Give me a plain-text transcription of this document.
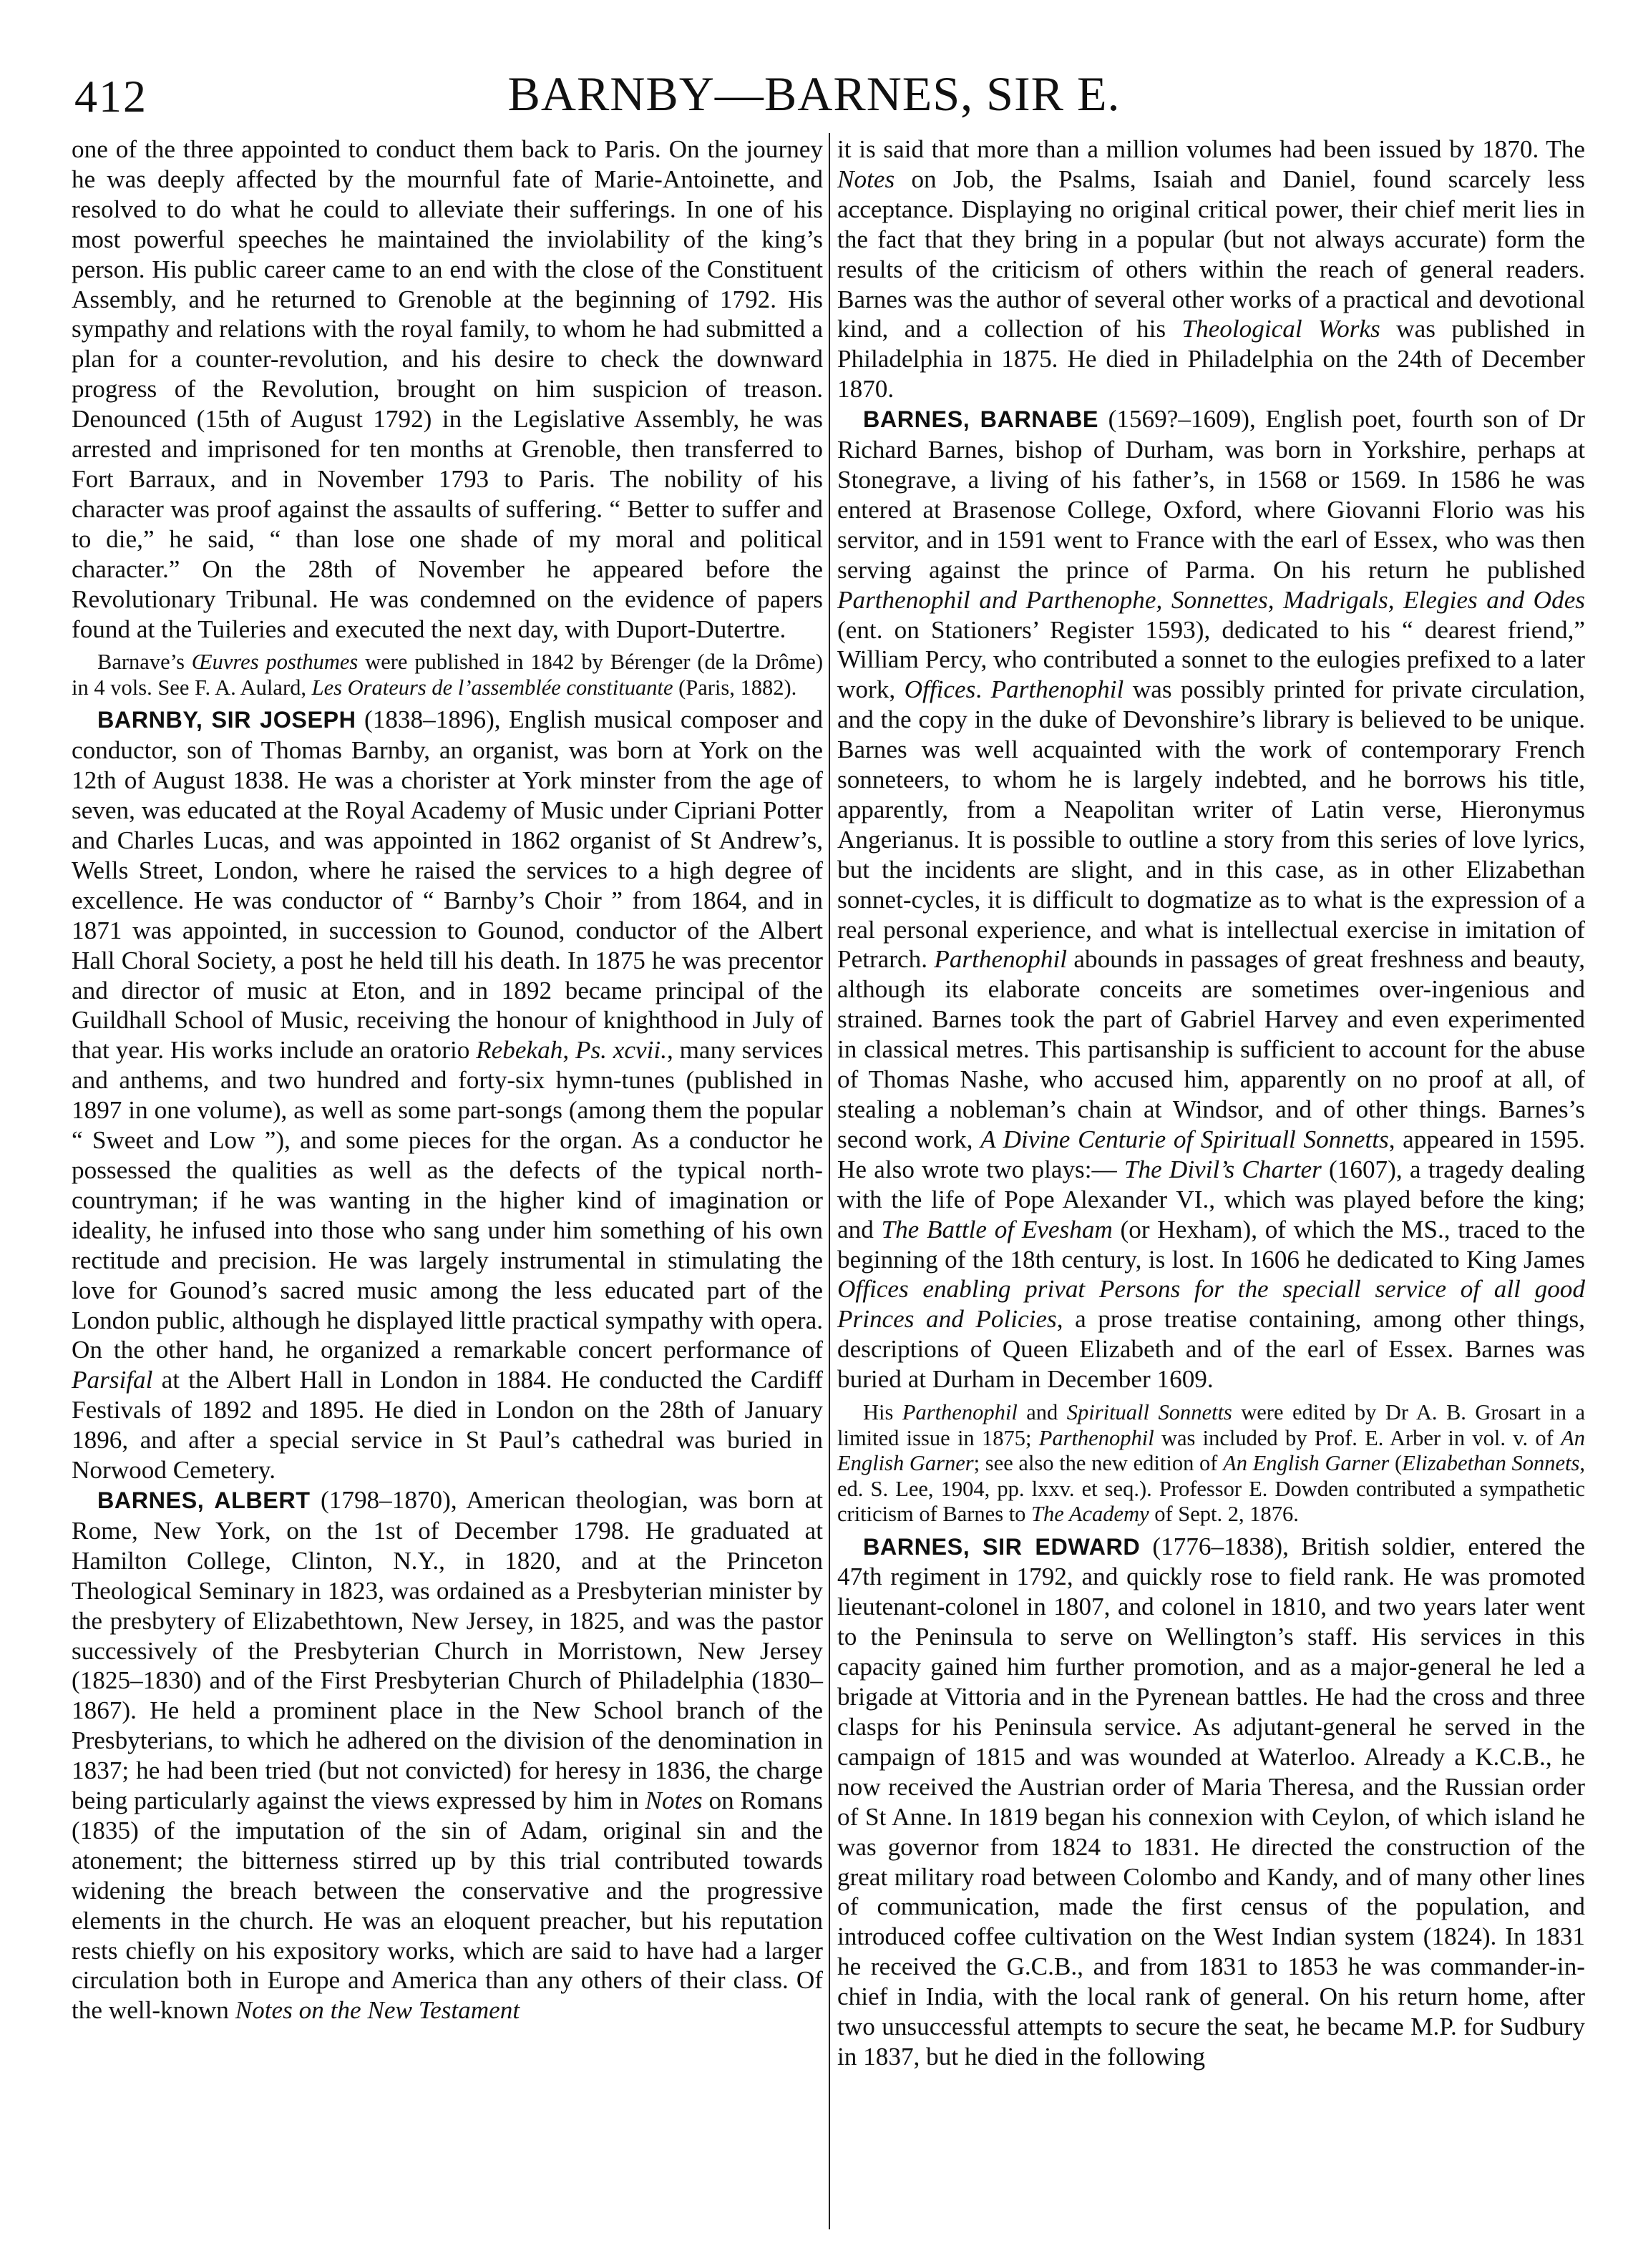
412	BARNBY—BARNES, SIR E.

one of the three appointed to conduct them back to Paris. On the journey he was deeply affected by the mournful fate of Marie-Antoinette, and resolved to do what he could to alleviate their sufferings. In one of his most powerful speeches he maintained the inviolability of the king’s person. His public career came to an end with the close of the Constituent Assembly, and he returned to Grenoble at the beginning of 1792. His sympathy and relations with the royal family, to whom he had submitted a plan for a counter-revolution, and his desire to check the downward progress of the Revolution, brought on him suspicion of treason. Denounced (15th of August 1792) in the Legislative Assembly, he was arrested and imprisoned for ten months at Grenoble, then transferred to Fort Barraux, and in November 1793 to Paris. The nobility of his character was proof against the assaults of suffering. “ Better to suffer and to die,” he said, “ than lose one shade of my moral and political character.” On the 28th of November he appeared before the Revolutionary Tribunal. He was condemned on the evidence of papers found at the Tuileries and executed the next day, with Duport-Dutertre.

Barnave’s Œuvres posthumes were published in 1842 by Bérenger (de la Drôme) in 4 vols. See F. A. Aulard, Les Orateurs de l’assemblée constituante (Paris, 1882).

BARNBY, SIR JOSEPH (1838–1896), English musical composer and conductor, son of Thomas Barnby, an organist, was born at York on the 12th of August 1838. He was a chorister at York minster from the age of seven, was educated at the Royal Academy of Music under Cipriani Potter and Charles Lucas, and was appointed in 1862 organist of St Andrew’s, Wells Street, London, where he raised the services to a high degree of excellence. He was conductor of “ Barnby’s Choir ” from 1864, and in 1871 was appointed, in succession to Gounod, conductor of the Albert Hall Choral Society, a post he held till his death. In 1875 he was precentor and director of music at Eton, and in 1892 became principal of the Guildhall School of Music, receiving the honour of knighthood in July of that year. His works include an oratorio Rebekah, Ps. xcvii., many services and anthems, and two hundred and forty-six hymn-tunes (published in 1897 in one volume), as well as some part-songs (among them the popular “ Sweet and Low ”), and some pieces for the organ. As a conductor he possessed the qualities as well as the defects of the typical north-countryman; if he was wanting in the higher kind of imagination or ideality, he infused into those who sang under him something of his own rectitude and precision. He was largely instrumental in stimulating the love for Gounod’s sacred music among the less educated part of the London public, although he displayed little practical sympathy with opera. On the other hand, he organized a remarkable concert performance of Parsifal at the Albert Hall in London in 1884. He conducted the Cardiff Festivals of 1892 and 1895. He died in London on the 28th of January 1896, and after a special service in St Paul’s cathedral was buried in Norwood Cemetery.

BARNES, ALBERT (1798–1870), American theologian, was born at Rome, New York, on the 1st of December 1798. He graduated at Hamilton College, Clinton, N.Y., in 1820, and at the Princeton Theological Seminary in 1823, was ordained as a Presbyterian minister by the presbytery of Elizabethtown, New Jersey, in 1825, and was the pastor successively of the Presbyterian Church in Morristown, New Jersey (1825–1830) and of the First Presbyterian Church of Philadelphia (1830–1867). He held a prominent place in the New School branch of the Presbyterians, to which he adhered on the division of the denomination in 1837; he had been tried (but not convicted) for heresy in 1836, the charge being particularly against the views expressed by him in Notes on Romans (1835) of the imputation of the sin of Adam, original sin and the atonement; the bitterness stirred up by this trial contributed towards widening the breach between the conservative and the progressive elements in the church. He was an eloquent preacher, but his reputation rests chiefly on his expository works, which are said to have had a larger circulation both in Europe and America than any others of their class. Of the well-known Notes on the New Testament

it is said that more than a million volumes had been issued by 1870. The Notes on Job, the Psalms, Isaiah and Daniel, found scarcely less acceptance. Displaying no original critical power, their chief merit lies in the fact that they bring in a popular (but not always accurate) form the results of the criticism of others within the reach of general readers. Barnes was the author of several other works of a practical and devotional kind, and a collection of his Theological Works was published in Philadelphia in 1875. He died in Philadelphia on the 24th of December 1870.

BARNES, BARNABE (1569?–1609), English poet, fourth son of Dr Richard Barnes, bishop of Durham, was born in Yorkshire, perhaps at Stonegrave, a living of his father’s, in 1568 or 1569. In 1586 he was entered at Brasenose College, Oxford, where Giovanni Florio was his servitor, and in 1591 went to France with the earl of Essex, who was then serving against the prince of Parma. On his return he published Parthenophil and Parthenophe, Sonnettes, Madrigals, Elegies and Odes (ent. on Stationers’ Register 1593), dedicated to his “ dearest friend,” William Percy, who contributed a sonnet to the eulogies prefixed to a later work, Offices. Parthenophil was possibly printed for private circulation, and the copy in the duke of Devonshire’s library is believed to be unique. Barnes was well acquainted with the work of contemporary French sonneteers, to whom he is largely indebted, and he borrows his title, apparently, from a Neapolitan writer of Latin verse, Hieronymus Angerianus. It is possible to outline a story from this series of love lyrics, but the incidents are slight, and in this case, as in other Elizabethan sonnet-cycles, it is difficult to dogmatize as to what is the expression of a real personal experience, and what is intellectual exercise in imitation of Petrarch. Parthenophil abounds in passages of great freshness and beauty, although its elaborate conceits are sometimes over-ingenious and strained. Barnes took the part of Gabriel Harvey and even experimented in classical metres. This partisanship is sufficient to account for the abuse of Thomas Nashe, who accused him, apparently on no proof at all, of stealing a nobleman’s chain at Windsor, and of other things. Barnes’s second work, A Divine Centurie of Spirituall Sonnetts, appeared in 1595. He also wrote two plays:— The Divil’s Charter (1607), a tragedy dealing with the life of Pope Alexander VI., which was played before the king; and The Battle of Evesham (or Hexham), of which the MS., traced to the beginning of the 18th century, is lost. In 1606 he dedicated to King James Offices enabling privat Persons for the speciall service of all good Princes and Policies, a prose treatise containing, among other things, descriptions of Queen Elizabeth and of the earl of Essex. Barnes was buried at Durham in December 1609.

His Parthenophil and Spirituall Sonnetts were edited by Dr A. B. Grosart in a limited issue in 1875; Parthenophil was included by Prof. E. Arber in vol. v. of An English Garner; see also the new edition of An English Garner (Elizabethan Sonnets, ed. S. Lee, 1904, pp. lxxv. et seq.). Professor E. Dowden contributed a sympathetic criticism of Barnes to The Academy of Sept. 2, 1876.

BARNES, SIR EDWARD (1776–1838), British soldier, entered the 47th regiment in 1792, and quickly rose to field rank. He was promoted lieutenant-colonel in 1807, and colonel in 1810, and two years later went to the Peninsula to serve on Wellington’s staff. His services in this capacity gained him further promotion, and as a major-general he led a brigade at Vittoria and in the Pyrenean battles. He had the cross and three clasps for his Peninsula service. As adjutant-general he served in the campaign of 1815 and was wounded at Waterloo. Already a K.C.B., he now received the Austrian order of Maria Theresa, and the Russian order of St Anne. In 1819 began his connexion with Ceylon, of which island he was governor from 1824 to 1831. He directed the construction of the great military road between Colombo and Kandy, and of many other lines of communication, made the first census of the population, and introduced coffee cultivation on the West Indian system (1824). In 1831 he received the G.C.B., and from 1831 to 1853 he was commander-in-chief in India, with the local rank of general. On his return home, after two unsuccessful attempts to secure the seat, he became M.P. for Sudbury in 1837, but he died in the following
